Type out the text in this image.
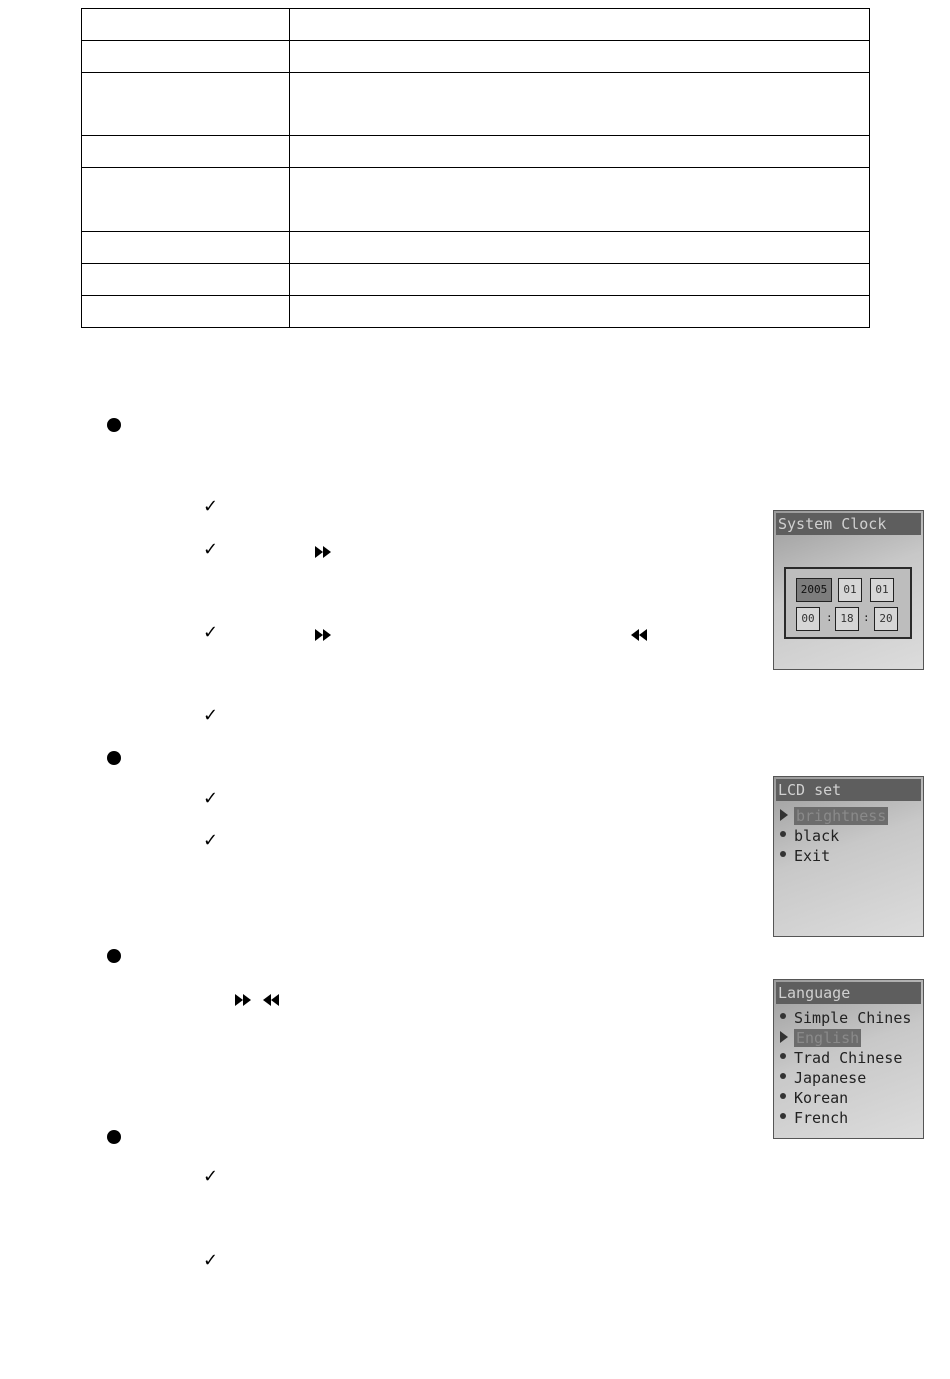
✓
✓
✓
✓
System Clock
2005	01	01
00	: 18 : 20
✓
✓
LCD set
brightness
black
Exit
Language
Simple Chines
English
Trad Chinese
Japanese
Korean
French
✓
✓
